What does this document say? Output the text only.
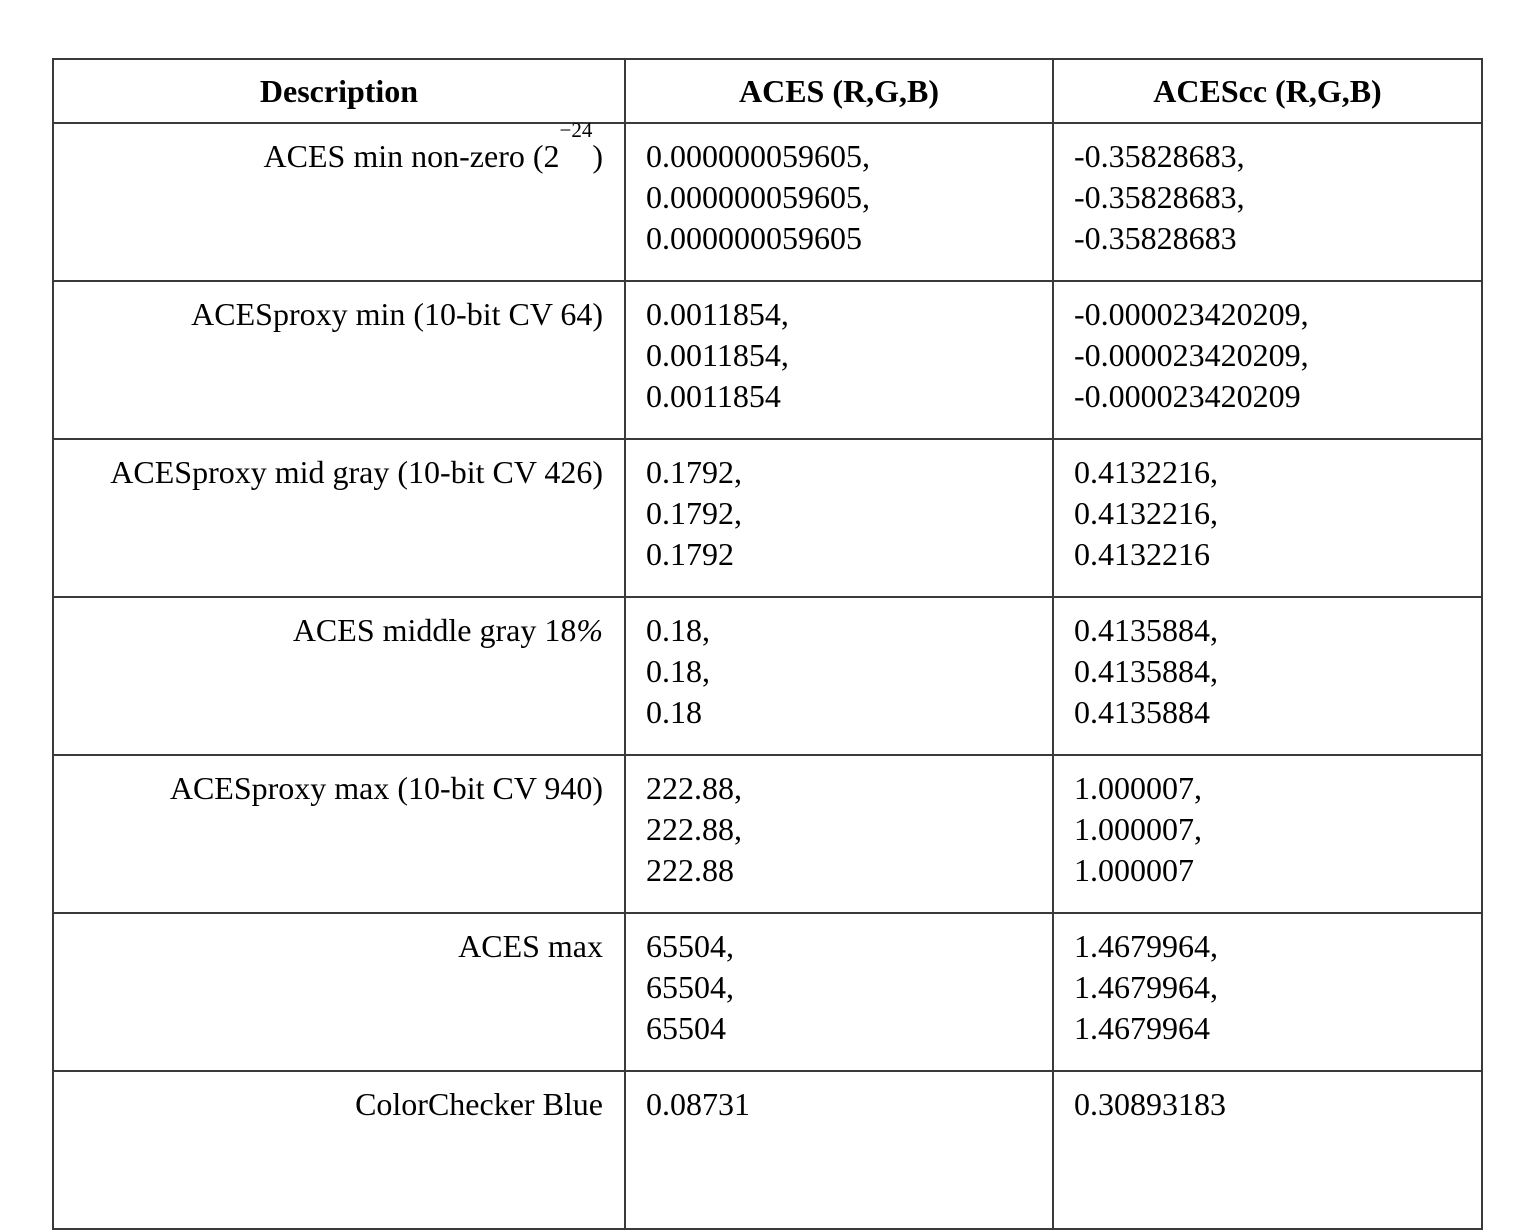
Description	ACES (R,G,B)	ACEScc (R,G,B)
ACES min non-zero $(2^{-24})$	0.000000059605,
0.000000059605,
0.000000059605	-0.35828683,
-0.35828683,
-0.35828683

ACESproxy min (10-bit CV 64)	0.0011854,
0.0011854,
0.0011854	-0.000023420209,
-0.000023420209,
-0.000023420209

ACESproxy mid gray (10-bit CV 426)	0.1792,
0.1792,
0.1792	0.4132216,
0.4132216,
0.4132216

ACES middle gray 18%	0.18,
0.18,
0.18	0.4135884,
0.4135884,
0.4135884

ACESproxy max (10-bit CV 940)	222.88,
222.88,
222.88	1.000007,
1.000007,
1.000007

ACES max	65504,
65504,
65504	1.4679964,
1.4679964,
1.4679964

ColorChecker Blue	0.08731	0.30893183
